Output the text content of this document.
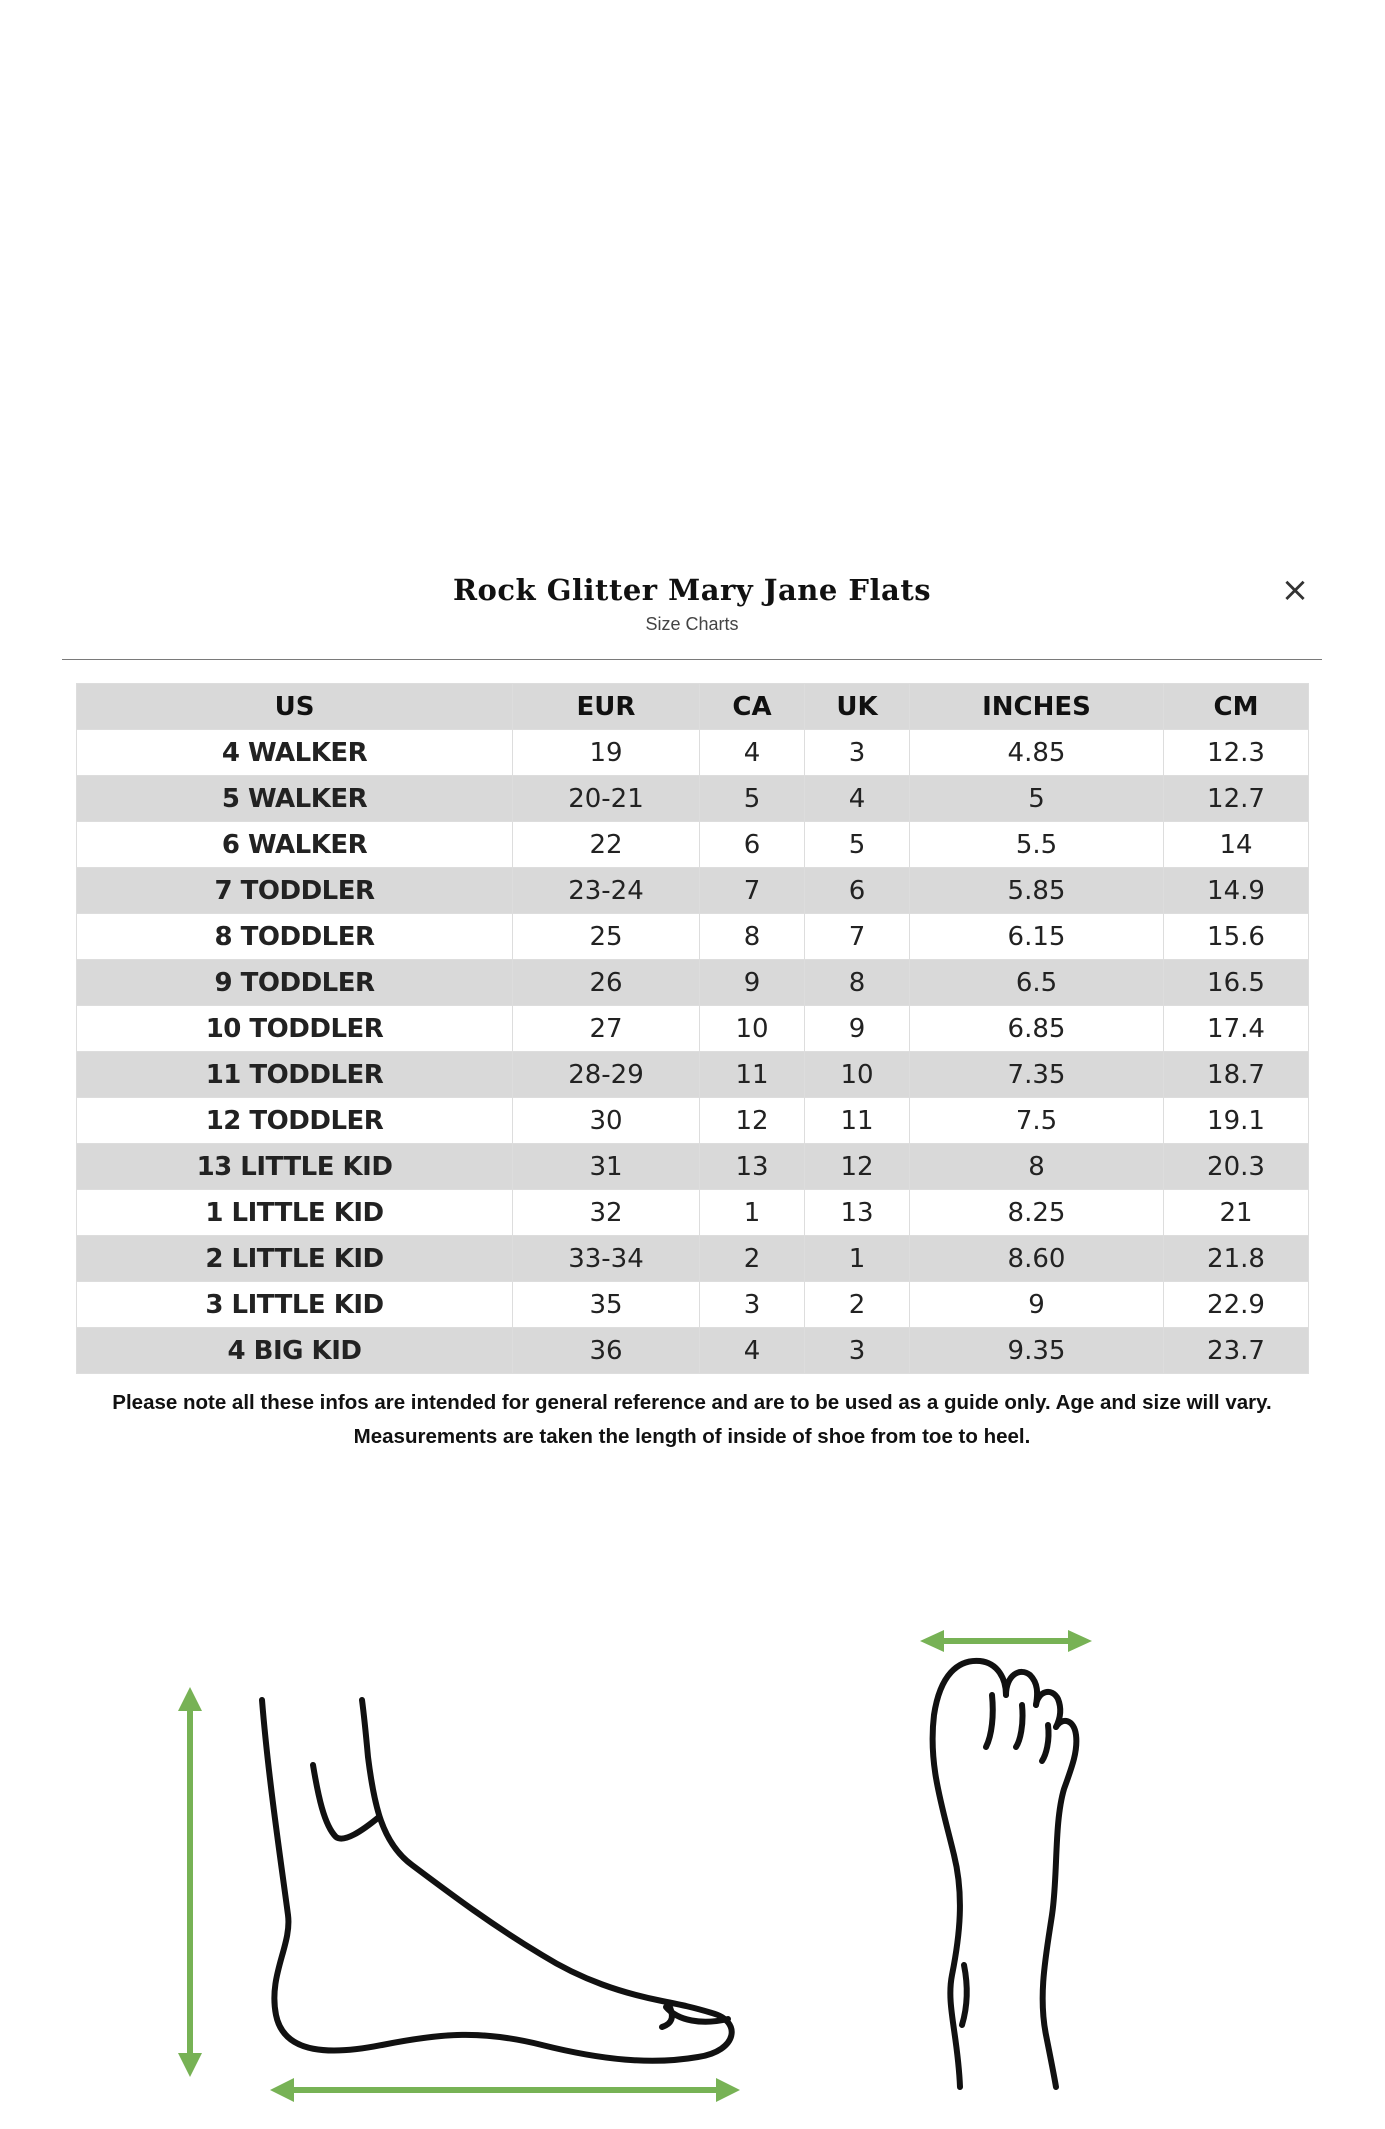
Rock Glitter Mary Jane Flats
Size Charts
×
US	EUR	CA	UK	INCHES	CM
4 WALKER	19	4	3	4.85	12.3
5 WALKER	20-21	5	4	5	12.7
6 WALKER	22	6	5	5.5	14
7 TODDLER	23-24	7	6	5.85	14.9
8 TODDLER	25	8	7	6.15	15.6
9 TODDLER	26	9	8	6.5	16.5
10 TODDLER	27	10	9	6.85	17.4
11 TODDLER	28-29	11	10	7.35	18.7
12 TODDLER	30	12	11	7.5	19.1
13 LITTLE KID	31	13	12	8	20.3
1 LITTLE KID	32	1	13	8.25	21
2 LITTLE KID	33-34	2	1	8.60	21.8
3 LITTLE KID	35	3	2	9	22.9
4 BIG KID	36	4	3	9.35	23.7
Please note all these infos are intended for general reference and are to be used as a guide only. Age and size will vary.
Measurements are taken the length of inside of shoe from toe to heel.
